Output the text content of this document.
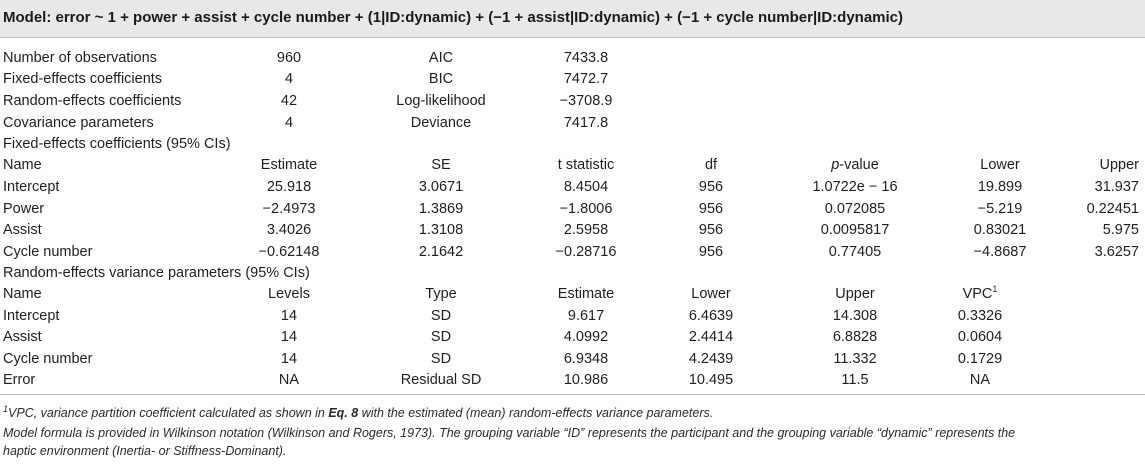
Model: error ~ 1 + power + assist + cycle number + (1|ID:dynamic) + (−1 + assist|ID:dynamic) + (−1 + cycle number|ID:dynamic)
Number of observations	960	AIC	7433.8
Fixed-effects coefficients	4	BIC	7472.7
Random-effects coefficients	42	Log-likelihood	−3708.9
Covariance parameters	4	Deviance	7417.8
Fixed-effects coefficients (95% CIs)
Name	Estimate	SE	t statistic	df	p-value	Lower	Upper
Intercept	25.918	3.0671	8.4504	956	1.0722e − 16	19.899	31.937
Power	−2.4973	1.3869	−1.8006	956	0.072085	−5.219	0.22451
Assist	3.4026	1.3108	2.5958	956	0.0095817	0.83021	5.975
Cycle number	−0.62148	2.1642	−0.28716	956	0.77405	−4.8687	3.6257
Random-effects variance parameters (95% CIs)
Name	Levels	Type	Estimate	Lower	Upper	VPC$^1$
Intercept	14	SD	9.617	6.4639	14.308	0.3326
Assist	14	SD	4.0992	2.4414	6.8828	0.0604
Cycle number	14	SD	6.9348	4.2439	11.332	0.1729
Error	NA	Residual SD	10.986	10.495	11.5	NA
$^1$VPC, variance partition coefficient calculated as shown in Eq. 8 with the estimated (mean) random-effects variance parameters.
Model formula is provided in Wilkinson notation (Wilkinson and Rogers, 1973). The grouping variable “ID” represents the participant and the grouping variable “dynamic” represents the
haptic environment (Inertia- or Stiffness-Dominant).
